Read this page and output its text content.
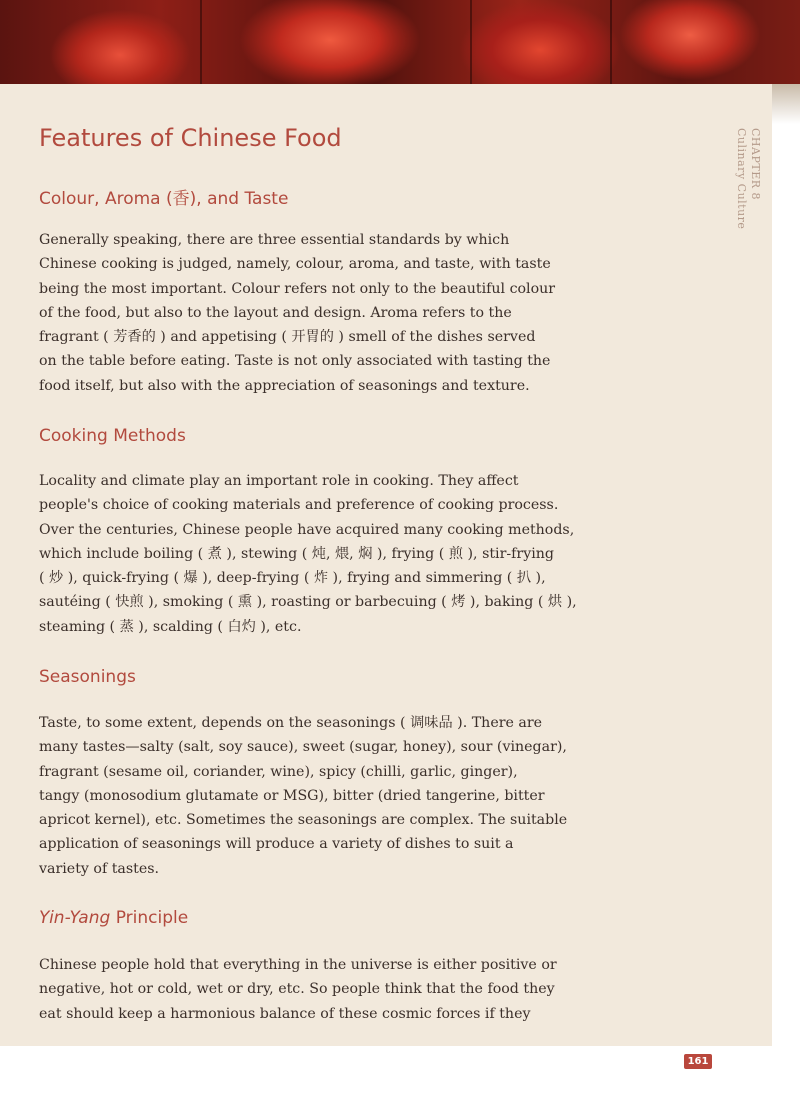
CHAPTER 8
Culinary Culture
Features of Chinese Food
Colour, Aroma (香), and Taste
Generally speaking, there are three essential standards by which
Chinese cooking is judged, namely, colour, aroma, and taste, with taste
being the most important. Colour refers not only to the beautiful colour
of the food, but also to the layout and design. Aroma refers to the
fragrant ( 芳香的 ) and appetising ( 开胃的 ) smell of the dishes served
on the table before eating. Taste is not only associated with tasting the
food itself, but also with the appreciation of seasonings and texture.
Cooking Methods
Locality and climate play an important role in cooking. They affect
people's choice of cooking materials and preference of cooking process.
Over the centuries, Chinese people have acquired many cooking methods,
which include boiling ( 煮 ), stewing ( 炖, 煨, 焖 ), frying ( 煎 ), stir-frying
( 炒 ), quick-frying ( 爆 ), deep-frying ( 炸 ), frying and simmering ( 扒 ),
sautéing ( 快煎 ), smoking ( 熏 ), roasting or barbecuing ( 烤 ), baking ( 烘 ),
steaming ( 蒸 ), scalding ( 白灼 ), etc.
Seasonings
Taste, to some extent, depends on the seasonings ( 调味品 ). There are
many tastes—salty (salt, soy sauce), sweet (sugar, honey), sour (vinegar),
fragrant (sesame oil, coriander, wine), spicy (chilli, garlic, ginger),
tangy (monosodium glutamate or MSG), bitter (dried tangerine, bitter
apricot kernel), etc. Sometimes the seasonings are complex. The suitable
application of seasonings will produce a variety of dishes to suit a
variety of tastes.
Yin-Yang Principle
Chinese people hold that everything in the universe is either positive or
negative, hot or cold, wet or dry, etc. So people think that the food they
eat should keep a harmonious balance of these cosmic forces if they
161
